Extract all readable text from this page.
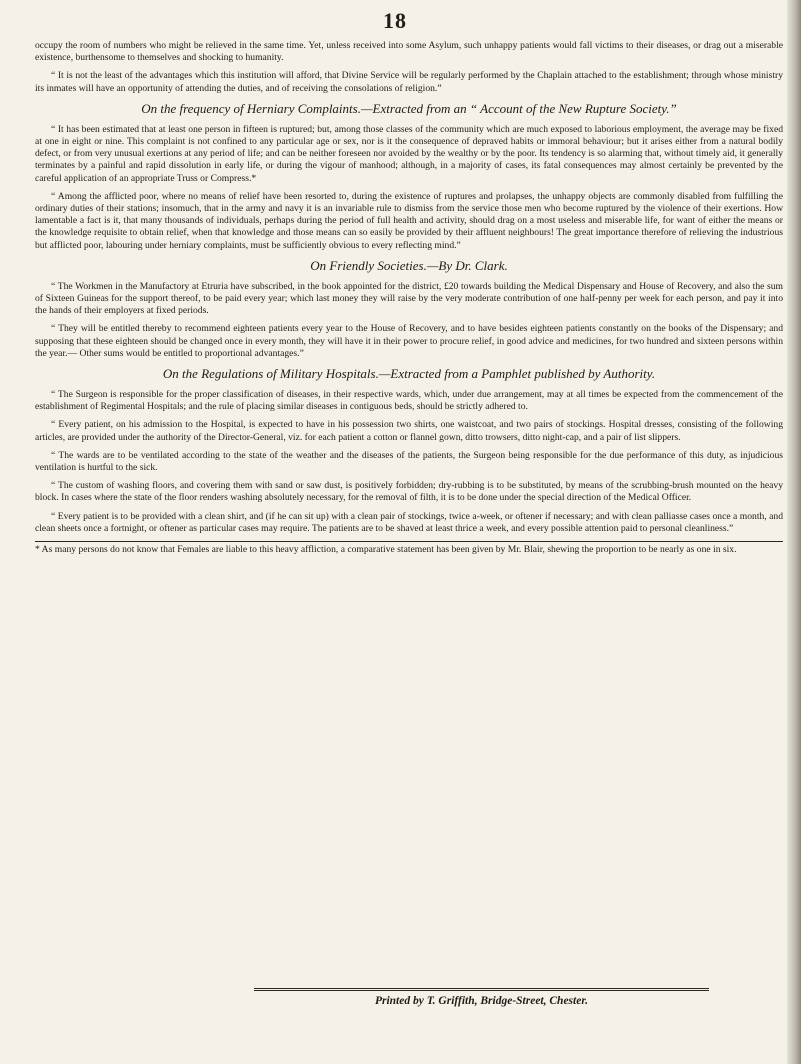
18

occupy the room of numbers who might be relieved in the same time. Yet, unless received into some Asylum, such unhappy patients would fall victims to their diseases, or drag out a miserable existence, burthensome to themselves and shocking to humanity.

“ It is not the least of the advantages which this institution will afford, that Divine Service will be regularly performed by the Chaplain attached to the establishment; through whose ministry its inmates will have an opportunity of attending the duties, and of receiving the consolations of religion.”

On the frequency of Herniary Complaints.—Extracted from an “ Account of the New Rupture Society.”

“ It has been estimated that at least one person in fifteen is ruptured; but, among those classes of the community which are much exposed to laborious employment, the average may be fixed at one in eight or nine. This complaint is not confined to any particular age or sex, nor is it the consequence of depraved habits or immoral behaviour; but it arises either from a natural bodily defect, or from very unusual exertions at any period of life; and can be neither foreseen nor avoided by the wealthy or by the poor. Its tendency is so alarming that, without timely aid, it generally terminates by a painful and rapid dissolution in early life, or during the vigour of manhood; although, in a majority of cases, its fatal consequences may almost certainly be prevented by the careful application of an appropriate Truss or Compress.*

“ Among the afflicted poor, where no means of relief have been resorted to, during the existence of ruptures and prolapses, the unhappy objects are commonly disabled from fulfilling the ordinary duties of their stations; insomuch, that in the army and navy it is an invariable rule to dismiss from the service those men who become ruptured by the violence of their exertions. How lamentable a fact is it, that many thousands of individuals, perhaps during the period of full health and activity, should drag on a most useless and miserable life, for want of either the means or the knowledge requisite to obtain relief, when that knowledge and those means can so easily be provided by their affluent neighbours! The great importance therefore of relieving the industrious but afflicted poor, labouring under herniary complaints, must be sufficiently obvious to every reflecting mind.”

On Friendly Societies.—By Dr. Clark.

“ The Workmen in the Manufactory at Etruria have subscribed, in the book appointed for the district, £20 towards building the Medical Dispensary and House of Recovery, and also the sum of Sixteen Guineas for the support thereof, to be paid every year; which last money they will raise by the very moderate contribution of one half-penny per week for each person, and pay it into the hands of their employers at fixed periods.

“ They will be entitled thereby to recommend eighteen patients every year to the House of Recovery, and to have besides eighteen patients constantly on the books of the Dispensary; and supposing that these eighteen should be changed once in every month, they will have it in their power to procure relief, in good advice and medicines, for two hundred and sixteen persons within the year.— Other sums would be entitled to proportional advantages.”

On the Regulations of Military Hospitals.—Extracted from a Pamphlet published by Authority.

“ The Surgeon is responsible for the proper classification of diseases, in their respective wards, which, under due arrangement, may at all times be expected from the commencement of the establishment of Regimental Hospitals; and the rule of placing similar diseases in contiguous beds, should be strictly adhered to.

“ Every patient, on his admission to the Hospital, is expected to have in his possession two shirts, one waistcoat, and two pairs of stockings. Hospital dresses, consisting of the following articles, are provided under the authority of the Director-General, viz. for each patient a cotton or flannel gown, ditto trowsers, ditto night-cap, and a pair of list slippers.

“ The wards are to be ventilated according to the state of the weather and the diseases of the patients, the Surgeon being responsible for the due performance of this duty, as injudicious ventilation is hurtful to the sick.

“ The custom of washing floors, and covering them with sand or saw dust, is positively forbidden; dry-rubbing is to be substituted, by means of the scrubbing-brush mounted on the heavy block. In cases where the state of the floor renders washing absolutely necessary, for the removal of filth, it is to be done under the special direction of the Medical Officer.

“ Every patient is to be provided with a clean shirt, and (if he can sit up) with a clean pair of stockings, twice a-week, or oftener if necessary; and with clean palliasse cases once a month, and clean sheets once a fortnight, or oftener as particular cases may require. The patients are to be shaved at least thrice a week, and every possible attention paid to personal cleanliness.”

* As many persons do not know that Females are liable to this heavy affliction, a comparative statement has been given by Mr. Blair, shewing the proportion to be nearly as one in six.

Printed by T. Griffith, Bridge-Street, Chester.
